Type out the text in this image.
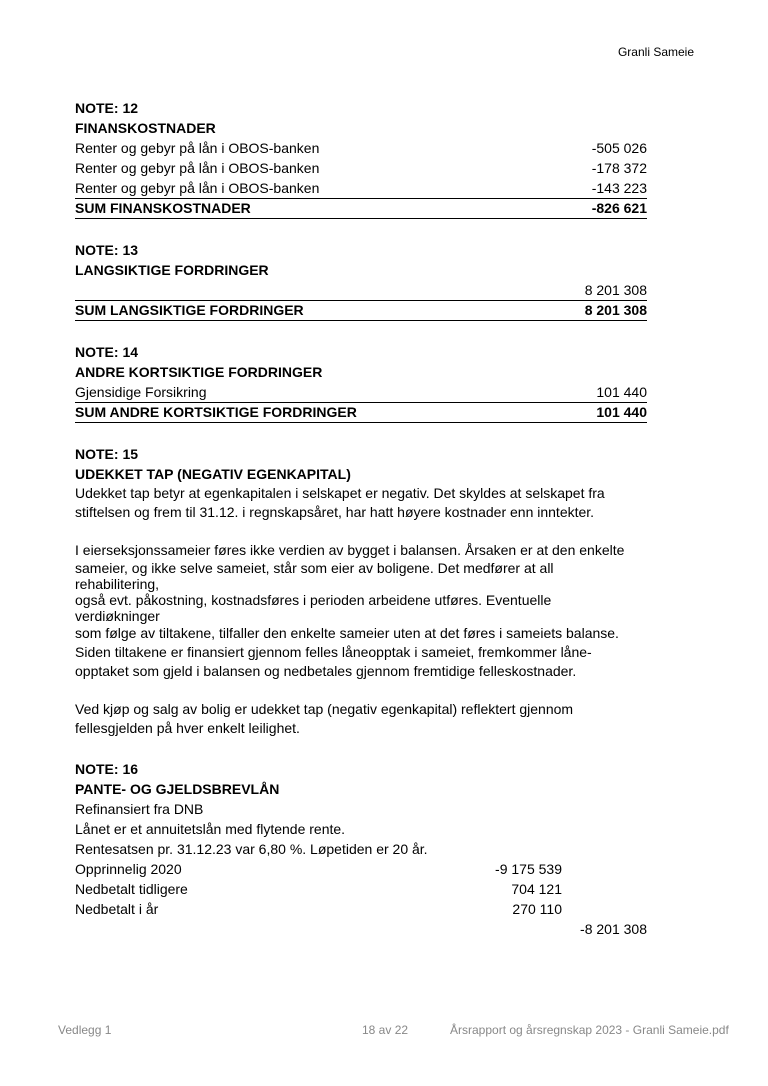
Granli Sameie
NOTE: 12
FINANSKOSTNADER
Renter og gebyr på lån i OBOS-banken	-505 026
Renter og gebyr på lån i OBOS-banken	-178 372
Renter og gebyr på lån i OBOS-banken	-143 223
SUM FINANSKOSTNADER	-826 621
NOTE: 13
LANGSIKTIGE FORDRINGER
8 201 308
SUM LANGSIKTIGE FORDRINGER	8 201 308
NOTE: 14
ANDRE KORTSIKTIGE FORDRINGER
Gjensidige Forsikring	101 440
SUM ANDRE KORTSIKTIGE FORDRINGER	101 440
NOTE: 15
UDEKKET TAP (NEGATIV EGENKAPITAL)

Udekket tap betyr at egenkapitalen i selskapet er negativ. Det skyldes at selskapet fra

stiftelsen og frem til 31.12. i regnskapsåret, har hatt høyere kostnader enn inntekter.

I eierseksjonssameier føres ikke verdien av bygget i balansen. Årsaken er at den enkelte

sameier, og ikke selve sameiet, står som eier av boligene. Det medfører at all

rehabilitering,

også evt. påkostning, kostnadsføres i perioden arbeidene utføres. Eventuelle

verdiøkninger

som følge av tiltakene, tilfaller den enkelte sameier uten at det føres i sameiets balanse.

Siden tiltakene er finansiert gjennom felles låneopptak i sameiet, fremkommer låne-

opptaket som gjeld i balansen og nedbetales gjennom fremtidige felleskostnader.

Ved kjøp og salg av bolig er udekket tap (negativ egenkapital) reflektert gjennom

fellesgjelden på hver enkelt leilighet.

NOTE: 16
PANTE- OG GJELDSBREVLÅN
Refinansiert fra DNB
Lånet er et annuitetslån med flytende rente.
Rentesatsen pr. 31.12.23 var 6,80 %. Løpetiden er 20 år.
Opprinnelig 2020	-9 175 539
Nedbetalt tidligere	704 121
Nedbetalt i år	270 110
-8 201 308
Vedlegg 1	18 av 22	Årsrapport og årsregnskap 2023 - Granli Sameie.pdf
